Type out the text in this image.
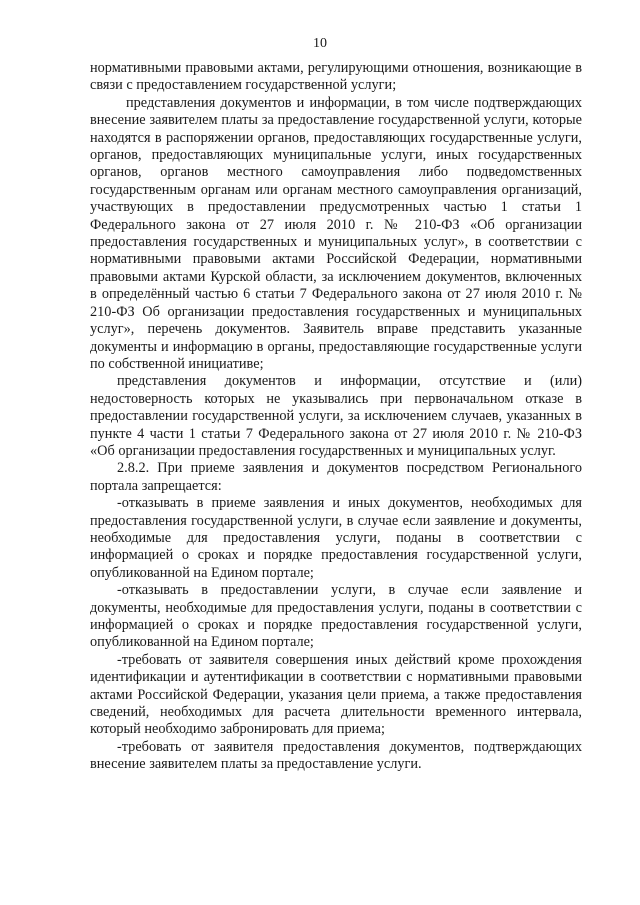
10

нормативными правовыми актами, регулирующими отношения, возникающие в связи с предоставлением государственной услуги;

представления документов и информации, в том числе подтверждающих внесение заявителем платы за предоставление государственной услуги, которые находятся в распоряжении органов, предоставляющих государственные услуги, органов, предоставляющих муниципальные услуги, иных государственных органов, органов местного самоуправления либо подведомственных государственным органам или органам местного самоуправления организаций, участвующих в предоставлении предусмотренных частью 1 статьи 1 Федерального закона от 27 июля 2010 г. № 210-ФЗ «Об организации предоставления государственных и муниципальных услуг», в соответствии с нормативными правовыми актами Российской Федерации, нормативными правовыми актами Курской области, за исключением документов, включенных в определённый частью 6 статьи 7 Федерального закона от 27 июля 2010 г. № 210-ФЗ Об организации предоставления государственных и муниципальных услуг», перечень документов. Заявитель вправе представить указанные документы и информацию в органы, предоставляющие государственные услуги по собственной инициативе;

представления документов и информации, отсутствие и (или) недостоверность которых не указывались при первоначальном отказе в предоставлении государственной услуги, за исключением случаев, указанных в пункте 4 части 1 статьи 7 Федерального закона от 27 июля 2010 г. № 210-ФЗ «Об организации предоставления государственных и муниципальных услуг.

2.8.2. При приеме заявления и документов посредством Регионального портала запрещается:

-отказывать в приеме заявления и иных документов, необходимых для предоставления государственной услуги, в случае если заявление и документы, необходимые для предоставления услуги, поданы в соответствии с информацией о сроках и порядке предоставления государственной услуги, опубликованной на Едином портале;

-отказывать в предоставлении услуги, в случае если заявление и документы, необходимые для предоставления услуги, поданы в соответствии с информацией о сроках и порядке предоставления государственной услуги, опубликованной на Едином портале;

-требовать от заявителя совершения иных действий кроме прохождения идентификации и аутентификации в соответствии с нормативными правовыми актами Российской Федерации, указания цели приема, а также предоставления сведений, необходимых для расчета длительности временного интервала, который необходимо забронировать для приема;

-требовать от заявителя предоставления документов, подтверждающих внесение заявителем платы за предоставление услуги.
